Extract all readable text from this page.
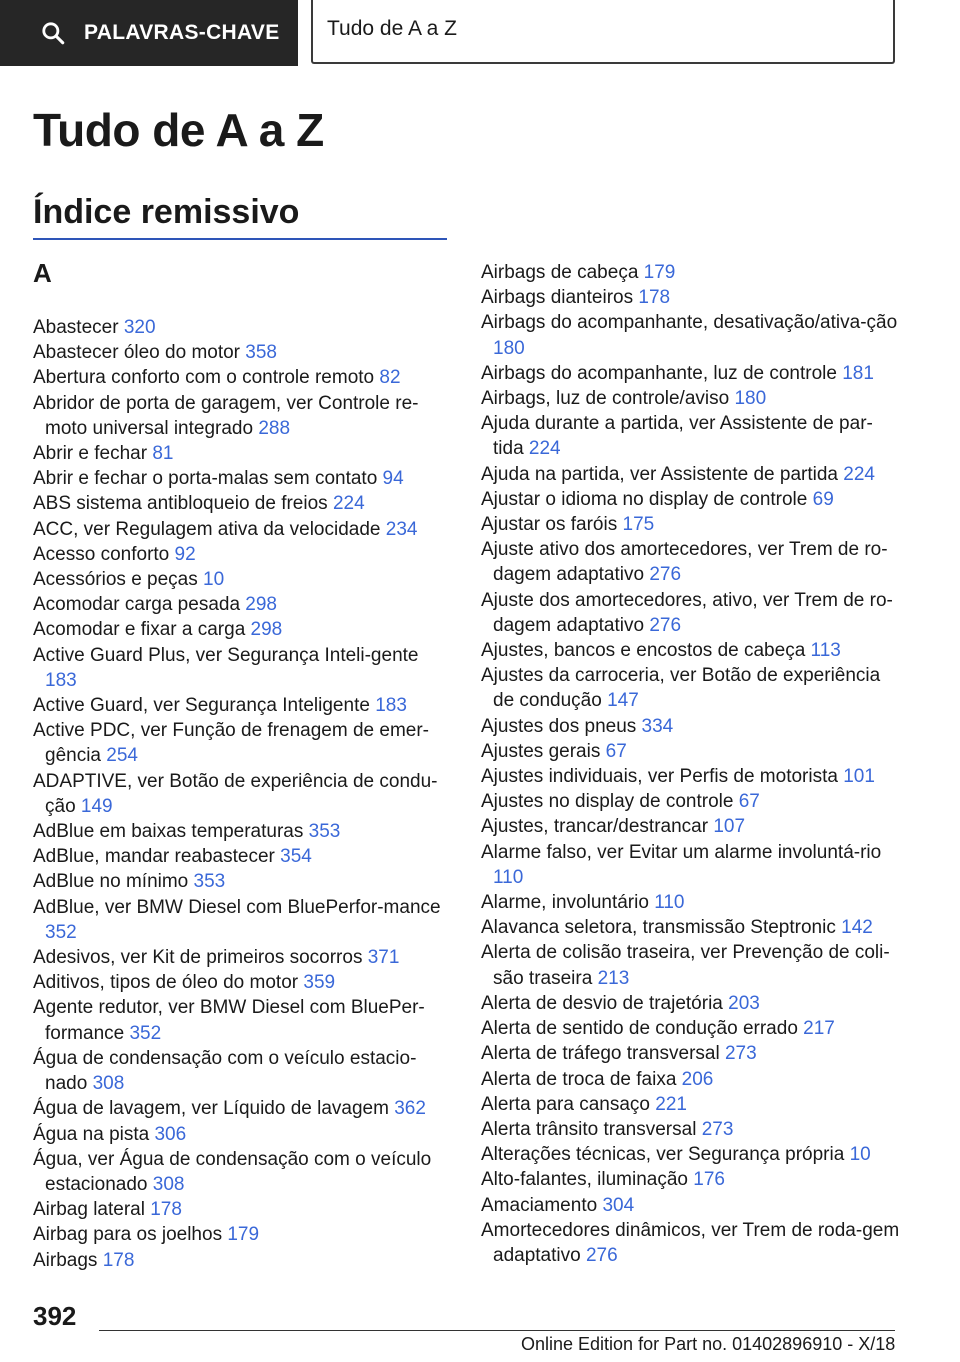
PALAVRAS-CHAVE	Tudo de A a Z
Tudo de A a Z
Índice remissivo
A
Abastecer 320
Abastecer óleo do motor 358
Abertura conforto com o controle remoto 82
Abridor de porta de garagem, ver Controle re-moto universal integrado 288
Abrir e fechar 81
Abrir e fechar o porta-malas sem contato 94
ABS sistema antibloqueio de freios 224
ACC, ver Regulagem ativa da velocidade 234
Acesso conforto 92
Acessórios e peças 10
Acomodar carga pesada 298
Acomodar e fixar a carga 298
Active Guard Plus, ver Segurança Inteli-gente 183
Active Guard, ver Segurança Inteligente 183
Active PDC, ver Função de frenagem de emer-gência 254
ADAPTIVE, ver Botão de experiência de condu-ção 149
AdBlue em baixas temperaturas 353
AdBlue, mandar reabastecer 354
AdBlue no mínimo 353
AdBlue, ver BMW Diesel com BluePerfor-mance 352
Adesivos, ver Kit de primeiros socorros 371
Aditivos, tipos de óleo do motor 359
Agente redutor, ver BMW Diesel com BluePer-formance 352
Água de condensação com o veículo estacio-nado 308
Água de lavagem, ver Líquido de lavagem 362
Água na pista 306
Água, ver Água de condensação com o veículo estacionado 308
Airbag lateral 178
Airbag para os joelhos 179
Airbags 178
Airbags de cabeça 179
Airbags dianteiros 178
Airbags do acompanhante, desativação/ativa-ção 180
Airbags do acompanhante, luz de controle 181
Airbags, luz de controle/aviso 180
Ajuda durante a partida, ver Assistente de par-tida 224
Ajuda na partida, ver Assistente de partida 224
Ajustar o idioma no display de controle 69
Ajustar os faróis 175
Ajuste ativo dos amortecedores, ver Trem de ro-dagem adaptativo 276
Ajuste dos amortecedores, ativo, ver Trem de ro-dagem adaptativo 276
Ajustes, bancos e encostos de cabeça 113
Ajustes da carroceria, ver Botão de experiência de condução 147
Ajustes dos pneus 334
Ajustes gerais 67
Ajustes individuais, ver Perfis de motorista 101
Ajustes no display de controle 67
Ajustes, trancar/destrancar 107
Alarme falso, ver Evitar um alarme involuntá-rio 110
Alarme, involuntário 110
Alavanca seletora, transmissão Steptronic 142
Alerta de colisão traseira, ver Prevenção de coli-são traseira 213
Alerta de desvio de trajetória 203
Alerta de sentido de condução errado 217
Alerta de tráfego transversal 273
Alerta de troca de faixa 206
Alerta para cansaço 221
Alerta trânsito transversal 273
Alterações técnicas, ver Segurança própria 10
Alto-falantes, iluminação 176
Amaciamento 304
Amortecedores dinâmicos, ver Trem de roda-gem adaptativo 276
392
Online Edition for Part no. 01402896910 - X/18
